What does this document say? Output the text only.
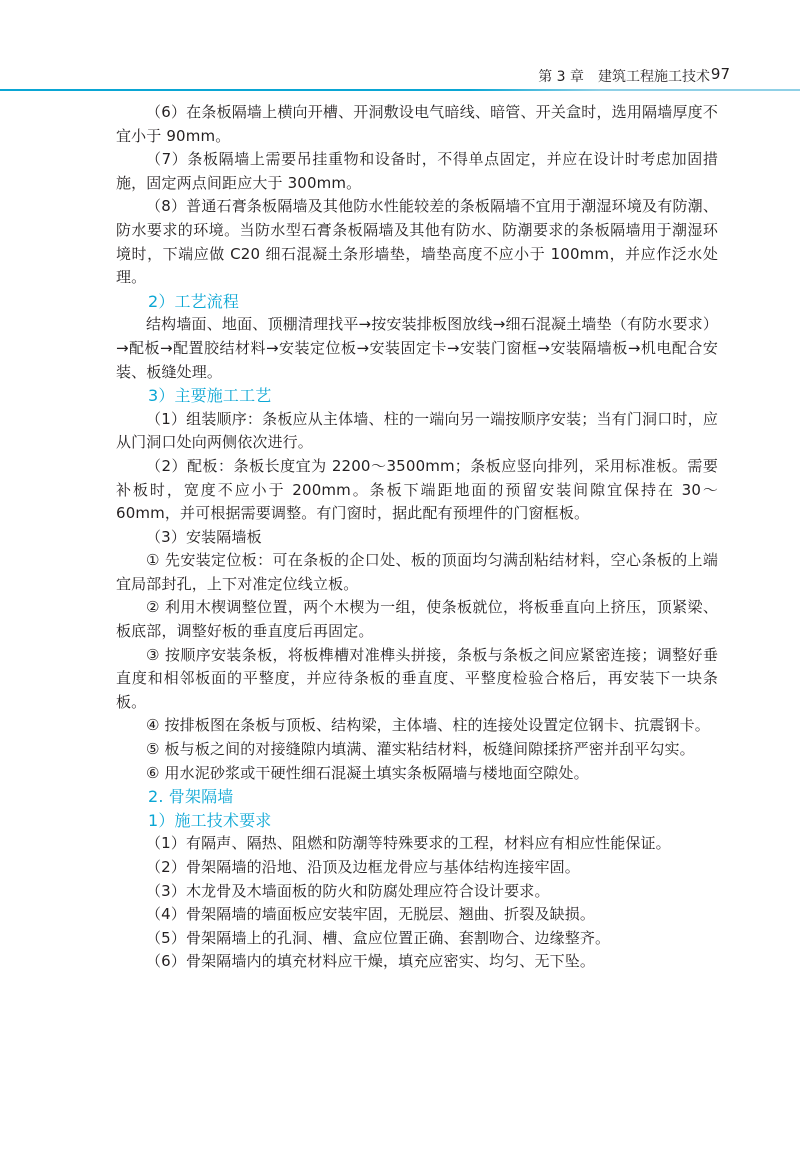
第 3 章　建筑工程施工技术 97

（6）在条板隔墙上横向开槽、开洞敷设电气暗线、暗管、开关盒时，选用隔墙厚度不宜小于 90mm。

（7）条板隔墙上需要吊挂重物和设备时，不得单点固定，并应在设计时考虑加固措施，固定两点间距应大于 300mm。

（8）普通石膏条板隔墙及其他防水性能较差的条板隔墙不宜用于潮湿环境及有防潮、防水要求的环境。当防水型石膏条板隔墙及其他有防水、防潮要求的条板隔墙用于潮湿环境时，下端应做 C20 细石混凝土条形墙垫，墙垫高度不应小于 100mm，并应作泛水处理。

2）工艺流程

结构墙面、地面、顶棚清理找平→按安装排板图放线→细石混凝土墙垫（有防水要求）→配板→配置胶结材料→安装定位板→安装固定卡→安装门窗框→安装隔墙板→机电配合安装、板缝处理。

3）主要施工工艺

（1）组装顺序：条板应从主体墙、柱的一端向另一端按顺序安装；当有门洞口时，应从门洞口处向两侧依次进行。

（2）配板：条板长度宜为 2200～3500mm；条板应竖向排列，采用标准板。需要补板时，宽度不应小于 200mm。条板下端距地面的预留安装间隙宜保持在 30～60mm，并可根据需要调整。有门窗时，据此配有预埋件的门窗框板。

（3）安装隔墙板

① 先安装定位板：可在条板的企口处、板的顶面均匀满刮粘结材料，空心条板的上端宜局部封孔，上下对准定位线立板。

② 利用木楔调整位置，两个木楔为一组，使条板就位，将板垂直向上挤压，顶紧梁、板底部，调整好板的垂直度后再固定。

③ 按顺序安装条板，将板榫槽对准榫头拼接，条板与条板之间应紧密连接；调整好垂直度和相邻板面的平整度，并应待条板的垂直度、平整度检验合格后，再安装下一块条板。

④ 按排板图在条板与顶板、结构梁，主体墙、柱的连接处设置定位钢卡、抗震钢卡。

⑤ 板与板之间的对接缝隙内填满、灌实粘结材料，板缝间隙揉挤严密并刮平勾实。

⑥ 用水泥砂浆或干硬性细石混凝土填实条板隔墙与楼地面空隙处。

2. 骨架隔墙

1）施工技术要求

（1）有隔声、隔热、阻燃和防潮等特殊要求的工程，材料应有相应性能保证。

（2）骨架隔墙的沿地、沿顶及边框龙骨应与基体结构连接牢固。

（3）木龙骨及木墙面板的防火和防腐处理应符合设计要求。

（4）骨架隔墙的墙面板应安装牢固，无脱层、翘曲、折裂及缺损。

（5）骨架隔墙上的孔洞、槽、盒应位置正确、套割吻合、边缘整齐。

（6）骨架隔墙内的填充材料应干燥，填充应密实、均匀、无下坠。
